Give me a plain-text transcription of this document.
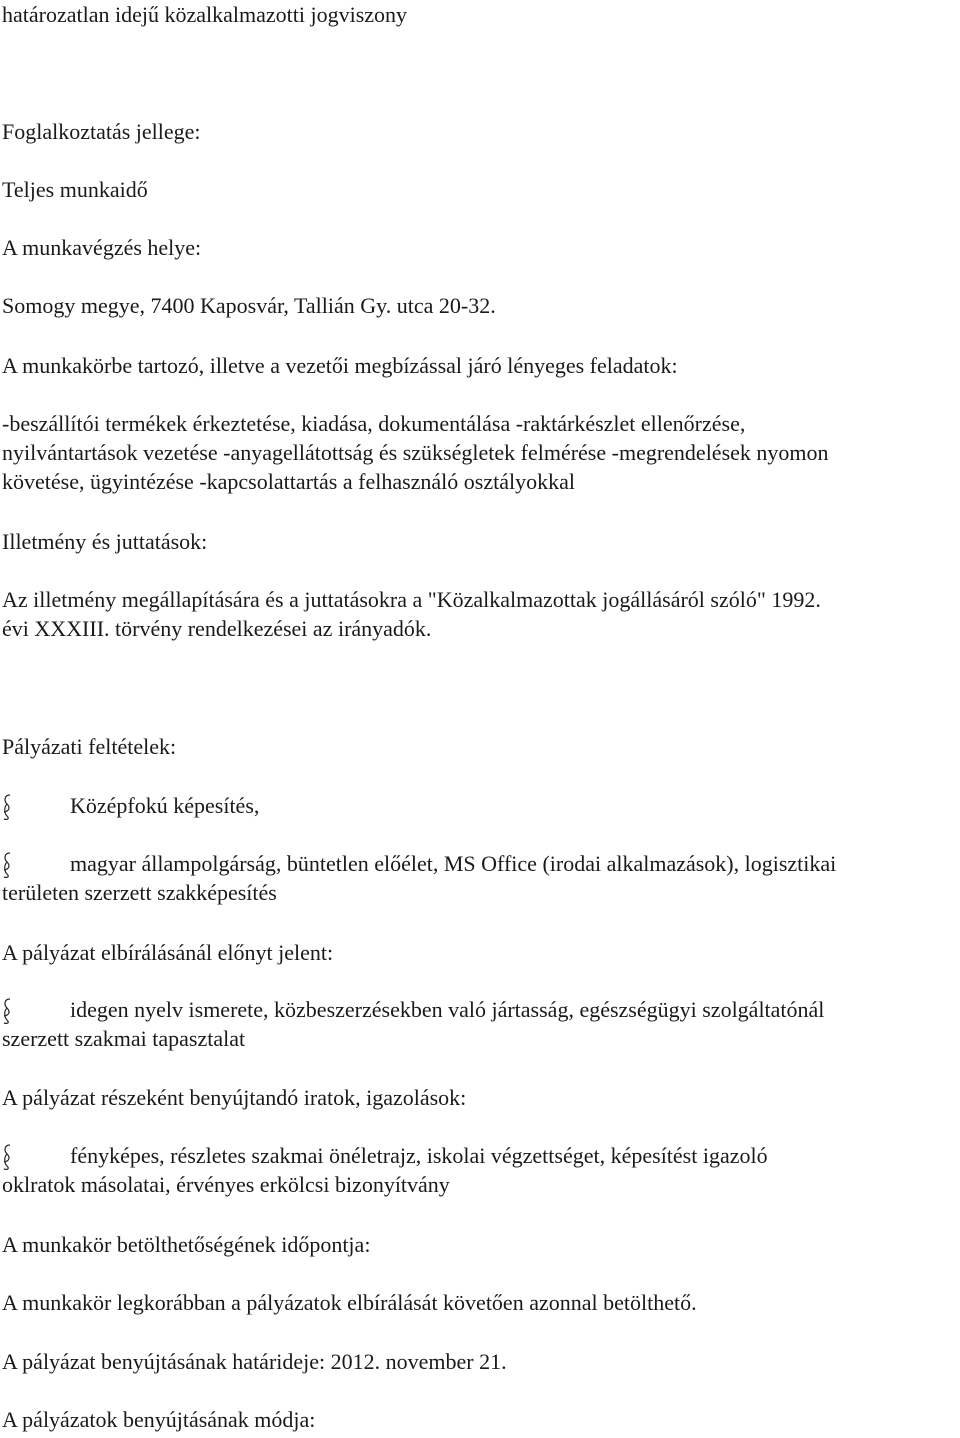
határozatlan idejű közalkalmazotti jogviszony

Foglalkoztatás jellege:

Teljes munkaidő

A munkavégzés helye:

Somogy megye, 7400 Kaposvár, Tallián Gy. utca 20-32.

A munkakörbe tartozó, illetve a vezetői megbízással járó lényeges feladatok:

-beszállítói termékek érkeztetése, kiadása, dokumentálása -raktárkészlet ellenőrzése,

nyilvántartások vezetése -anyagellátottság és szükségletek felmérése -megrendelések nyomon

követése, ügyintézése -kapcsolattartás a felhasználó osztályokkal

Illetmény és juttatások:

Az illetmény megállapítására és a juttatásokra a "Közalkalmazottak jogállásáról szóló" 1992.

évi XXXIII. törvény rendelkezései az irányadók.

Pályázati feltételek:

Középfokú képesítés,
magyar állampolgárság, büntetlen előélet, MS Office (irodai alkalmazások), logisztikai

területen szerzett szakképesítés

A pályázat elbírálásánál előnyt jelent:

idegen nyelv ismerete, közbeszerzésekben való jártasság, egészségügyi szolgáltatónál

szerzett szakmai tapasztalat

A pályázat részeként benyújtandó iratok, igazolások:

fényképes, részletes szakmai önéletrajz, iskolai végzettséget, képesítést igazoló

oklratok másolatai, érvényes erkölcsi bizonyítvány

A munkakör betölthetőségének időpontja:

A munkakör legkorábban a pályázatok elbírálását követően azonnal betölthető.

A pályázat benyújtásának határideje: 2012. november 21.

A pályázatok benyújtásának módja:
